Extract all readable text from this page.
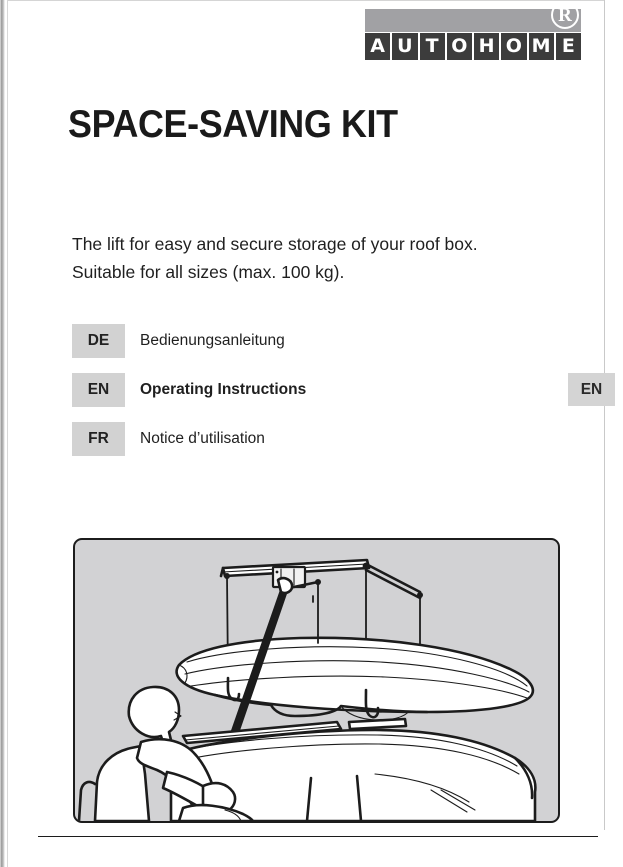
R
A U T O H O M E
SPACE-SAVING KIT
The lift for easy and secure storage of your roof box.
Suitable for all sizes (max. 100 kg).
DE	Bedienungsanleitung
EN	Operating Instructions
FR	Notice d’utilisation
EN
